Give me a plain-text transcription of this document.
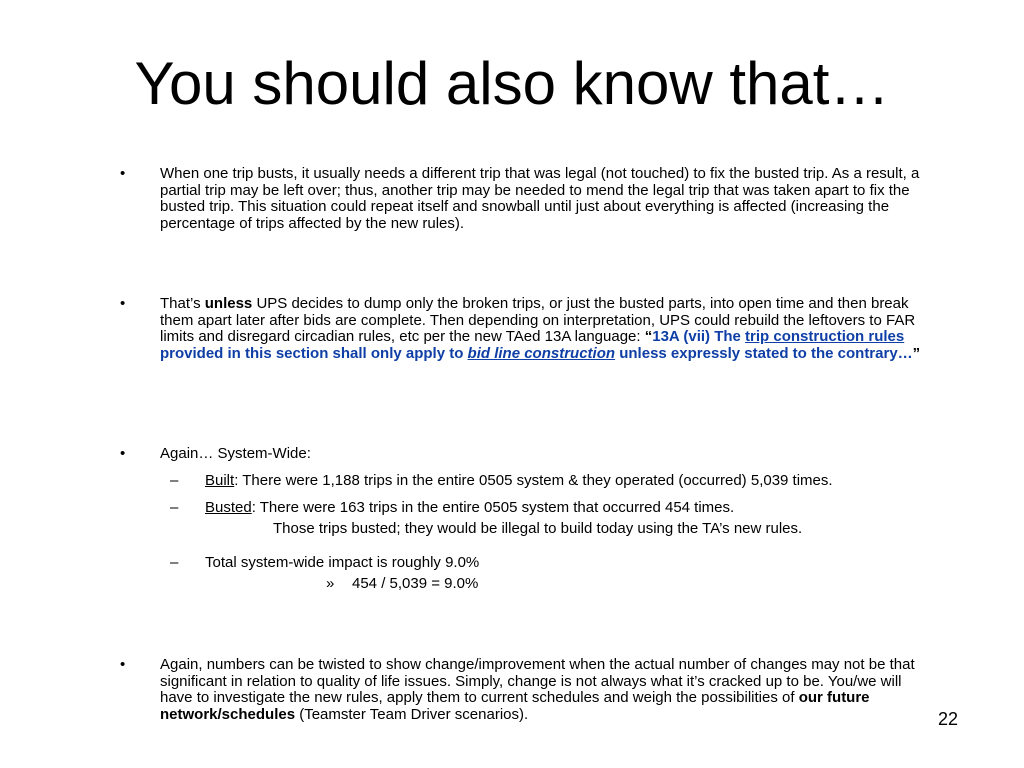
You should also know that…
• When one trip busts, it usually needs a different trip that was legal (not touched) to fix the busted trip. As a result, a partial trip may be left over; thus, another trip may be needed to mend the legal trip that was taken apart to fix the busted trip. This situation could repeat itself and snowball until just about everything is affected (increasing the percentage of trips affected by the new rules).
• That’s unless UPS decides to dump only the broken trips, or just the busted parts, into open time and then break them apart later after bids are complete. Then depending on interpretation, UPS could rebuild the leftovers to FAR limits and disregard circadian rules, etc per the new TAed 13A language: “13A (vii) The trip construction rules provided in this section shall only apply to bid line construction unless expressly stated to the contrary…”
• Again… System-Wide:
– Built: There were 1,188 trips in the entire 0505 system & they operated (occurred) 5,039 times.
– Busted: There were 163 trips in the entire 0505 system that occurred 454 times.
Those trips busted; they would be illegal to build today using the TA’s new rules.
– Total system-wide impact is roughly 9.0%
» 454 / 5,039 = 9.0%
• Again, numbers can be twisted to show change/improvement when the actual number of changes may not be that significant in relation to quality of life issues. Simply, change is not always what it’s cracked up to be. You/we will have to investigate the new rules, apply them to current schedules and weigh the possibilities of our future network/schedules (Teamster Team Driver scenarios).	22
